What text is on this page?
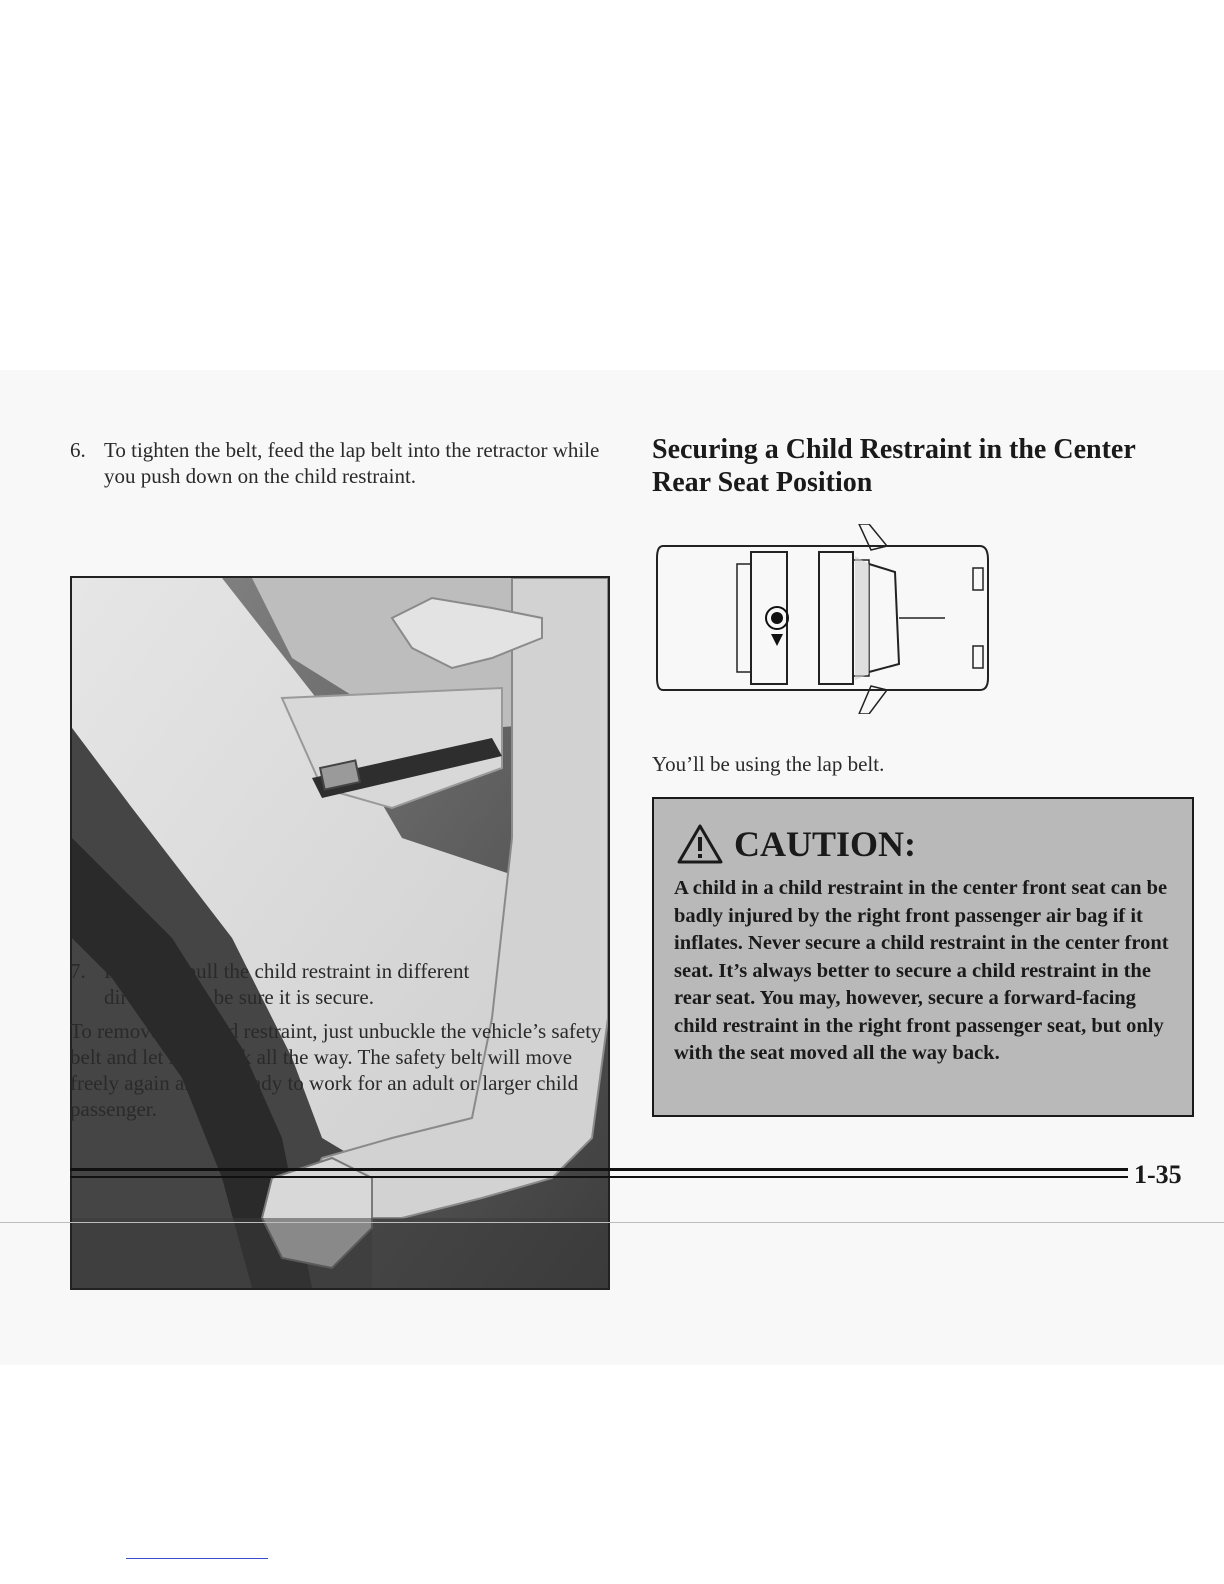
6. To tighten the belt, feed the lap belt into the retractor while you push down on the child restraint.
7. Push and pull the child restraint in different directions to be sure it is secure.
To remove the child restraint, just unbuckle the vehicle’s safety belt and let it go back all the way. The safety belt will move freely again and be ready to work for an adult or larger child passenger.
Securing a Child Restraint in the Center Rear Seat Position
You’ll be using the lap belt.
CAUTION:
A child in a child restraint in the center front seat can be badly injured by the right front passenger air bag if it inflates. Never secure a child restraint in the center front seat. It’s always better to secure a child restraint in the rear seat. You may, however, secure a forward-facing child restraint in the right front passenger seat, but only with the seat moved all the way back.
1-35
